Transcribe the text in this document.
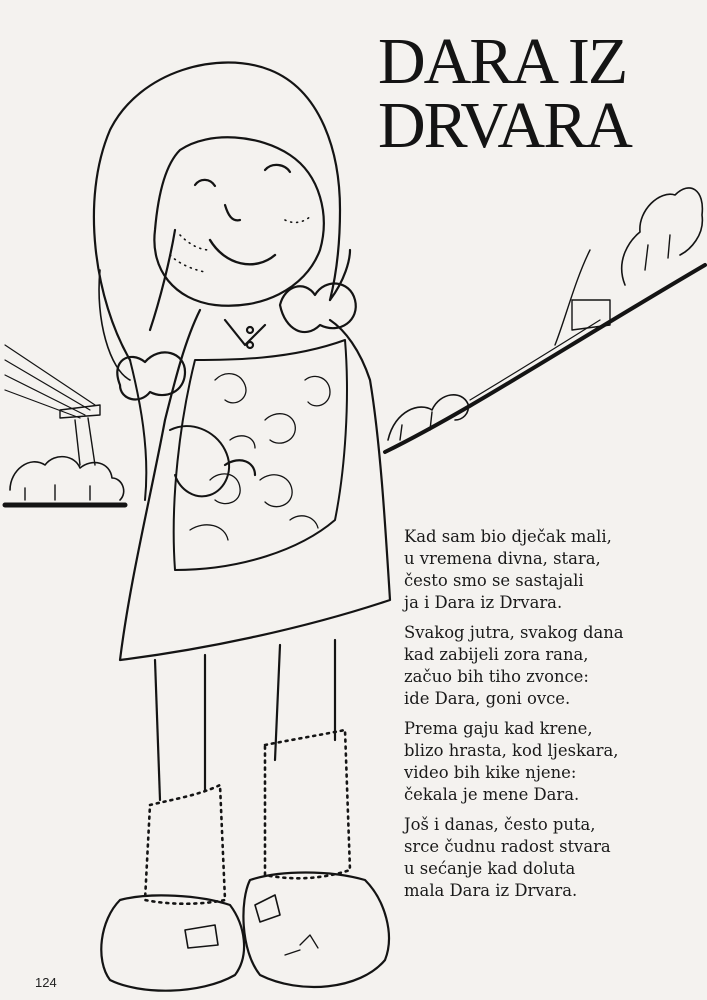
DARA IZ
DRVARA

Kad sam bio dječak mali,
u vremena divna, stara,
često smo se sastajali
ja i Dara iz Drvara.

Svakog jutra, svakog dana
kad zabijeli zora rana,
začuo bih tiho zvonce:
ide Dara, goni ovce.

Prema gaju kad krene,
blizo hrasta, kod ljeskara,
video bih kike njene:
čekala je mene Dara.

Još i danas, često puta,
srce čudnu radost stvara
u sećanje kad doluta
mala Dara iz Drvara.

124
